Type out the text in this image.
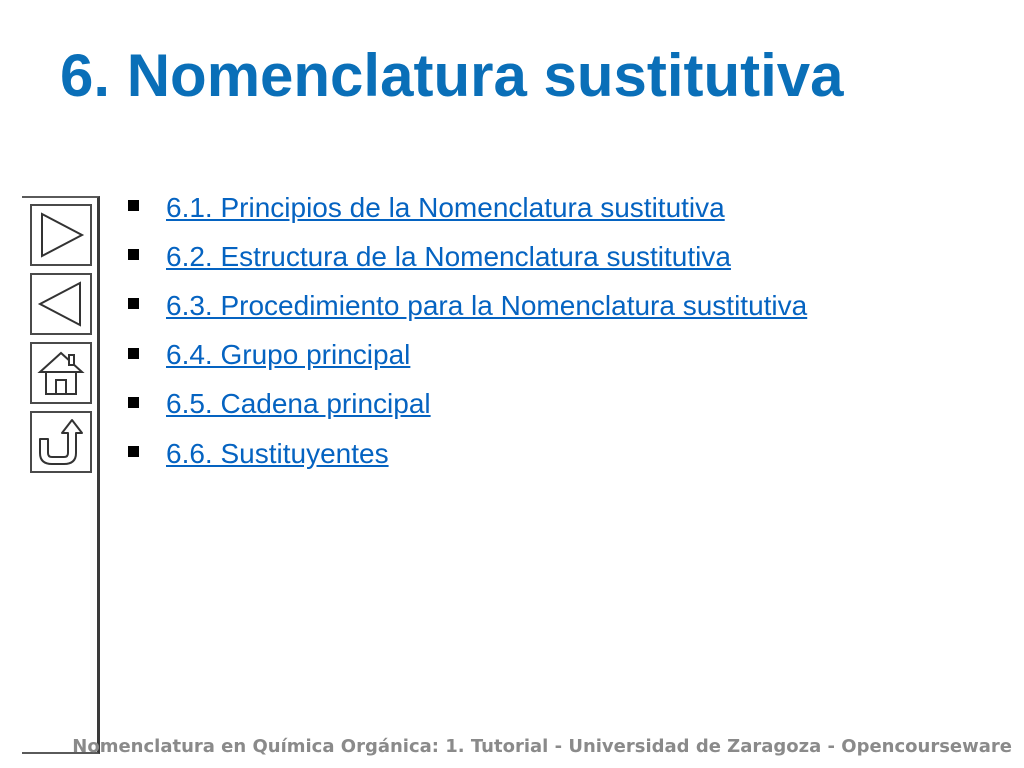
6. Nomenclatura sustitutiva
6.1. Principios de la Nomenclatura sustitutiva
6.2. Estructura de la Nomenclatura sustitutiva
6.3. Procedimiento para la Nomenclatura sustitutiva
6.4. Grupo principal
6.5. Cadena principal
6.6. Sustituyentes
Nomenclatura en Química Orgánica: 1. Tutorial - Universidad de Zaragoza - Opencourseware
